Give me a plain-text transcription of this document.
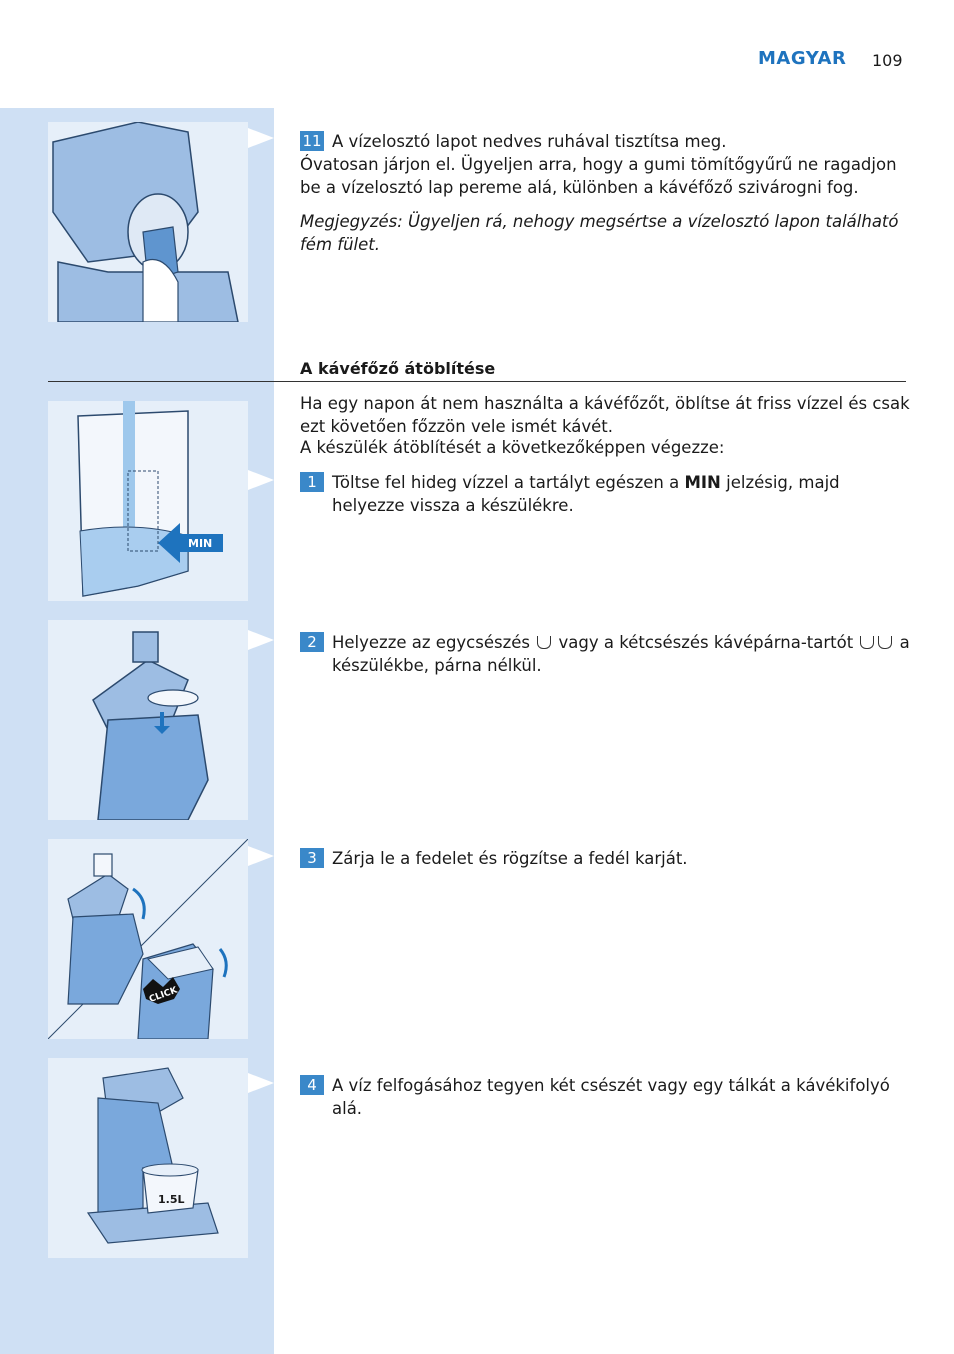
MAGYAR 109
11 A vízelosztó lapot nedves ruhával tisztítsa meg.
Óvatosan járjon el. Ügyeljen arra, hogy a gumi tömítőgyűrű ne ragadjon be a vízelosztó lap pereme alá, különben a kávéfőző szivárogni fog.
Megjegyzés: Ügyeljen rá, nehogy megsértse a vízelosztó lapon található fém fület.
A kávéfőző átöblítése
MIN
Ha egy napon át nem használta a kávéfőzőt, öblítse át friss vízzel és csak ezt követően főzzön vele ismét kávét.
A készülék átöblítését a következőképpen végezze:
1 Töltse fel hideg vízzel a tartályt egészen a MIN jelzésig, majd helyezze vissza a készülékre.
2 Helyezze az egycsészés  vagy a kétcsészés kávépárna-tartót  a készülékbe, párna nélkül.
CLICK
3 Zárja le a fedelet és rögzítse a fedél karját.
1.5L
4 A víz felfogásához tegyen két csészét vagy egy tálkát a kávékifolyó alá.
